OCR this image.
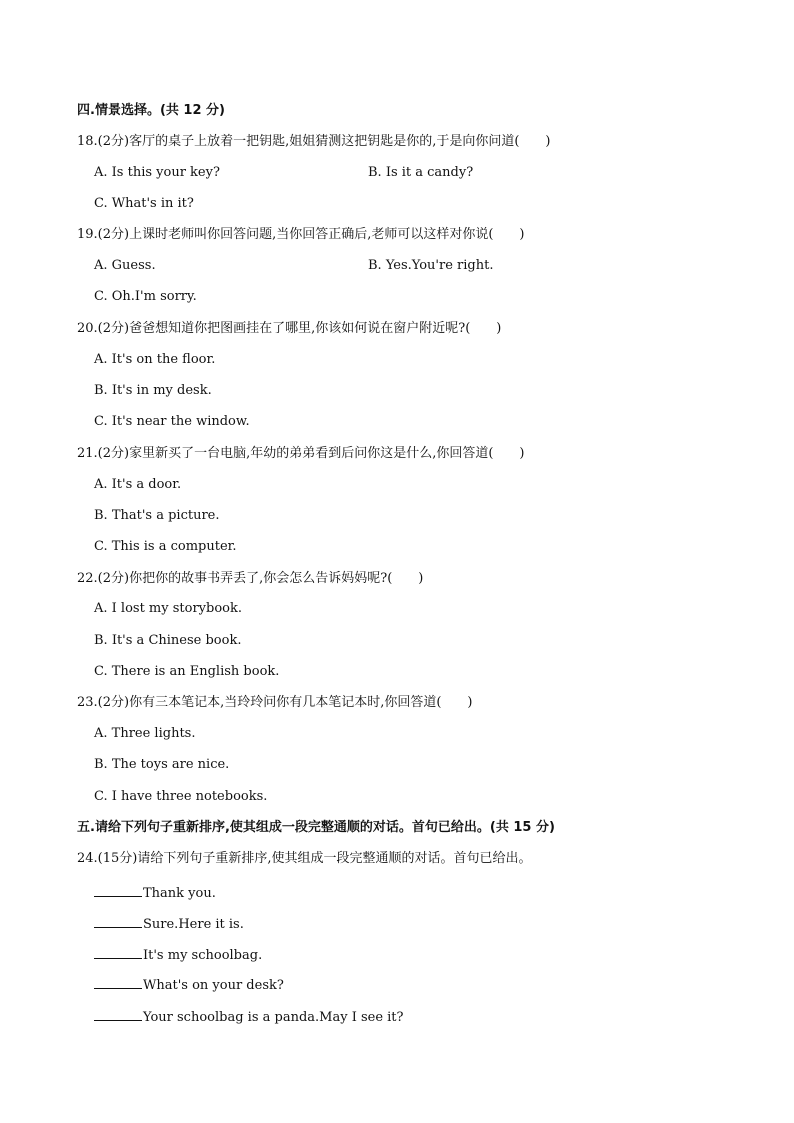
四.情景选择。(共 12 分)
18.(2分)客厅的桌子上放着一把钥匙,姐姐猜测这把钥匙是你的,于是向你问道(　　)
A. Is this your key?	B. Is it a candy?
C. What's in it?
19.(2分)上课时老师叫你回答问题,当你回答正确后,老师可以这样对你说(　　)
A. Guess.	B. Yes.You're right.
C. Oh.I'm sorry.
20.(2分)爸爸想知道你把图画挂在了哪里,你该如何说在窗户附近呢?(　　)
A. It's on the floor.
B. It's in my desk.
C. It's near the window.
21.(2分)家里新买了一台电脑,年幼的弟弟看到后问你这是什么,你回答道(　　)
A. It's a door.
B. That's a picture.
C. This is a computer.
22.(2分)你把你的故事书弄丢了,你会怎么告诉妈妈呢?(　　)
A. I lost my storybook.
B. It's a Chinese book.
C. There is an English book.
23.(2分)你有三本笔记本,当玲玲问你有几本笔记本时,你回答道(　　)
A. Three lights.
B. The toys are nice.
C. I have three notebooks.
五.请给下列句子重新排序,使其组成一段完整通顺的对话。首句已给出。(共 15 分)
24.(15分)请给下列句子重新排序,使其组成一段完整通顺的对话。首句已给出。
Thank you.
Sure.Here it is.
It's my schoolbag.
What's on your desk?
Your schoolbag is a panda.May I see it?
